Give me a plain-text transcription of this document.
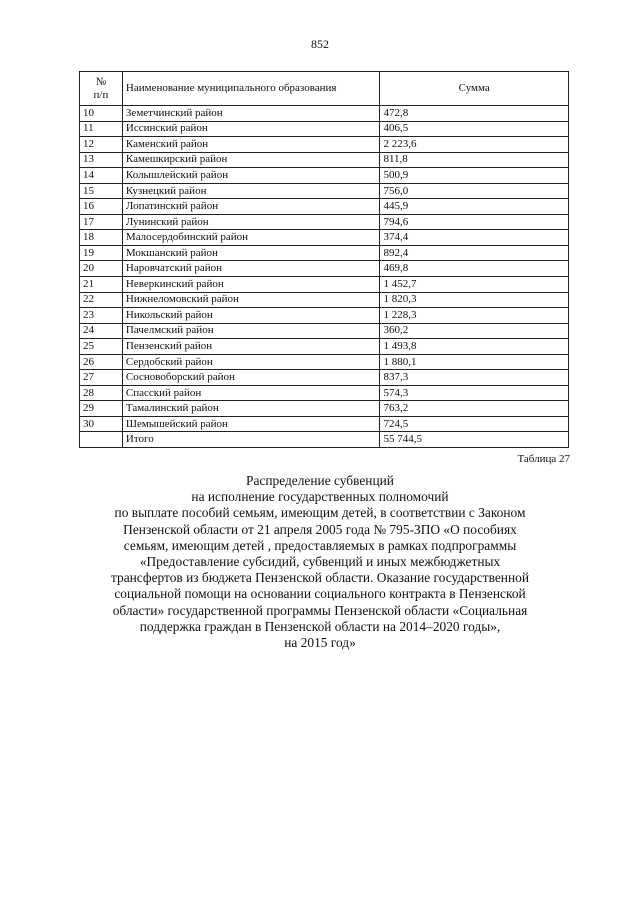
852
№
п/п	Наименование муниципального образования	Сумма
10	Земетчинский район	472,8
11	Иссинский район	406,5
12	Каменский район	2 223,6
13	Камешкирский район	811,8
14	Колышлейский район	500,9
15	Кузнецкий район	756,0
16	Лопатинский район	445,9
17	Лунинский район	794,6
18	Малосердобинский район	374,4
19	Мокшанский район	892,4
20	Наровчатский район	469,8
21	Неверкинский район	1 452,7
22	Нижнеломовский район	1 820,3
23	Никольский район	1 228,3
24	Пачелмский район	360,2
25	Пензенский район	1 493,8
26	Сердобский район	1 880,1
27	Сосновоборский район	837,3
28	Спасский район	574,3
29	Тамалинский район	763,2
30	Шемышейский район	724,5
	Итого	55 744,5
Таблица 27
Распределение субвенций
на исполнение государственных полномочий
по выплате пособий семьям, имеющим детей, в соответствии с Законом
Пензенской области от 21 апреля 2005 года № 795-ЗПО «О пособиях
семьям, имеющим детей , предоставляемых в рамках подпрограммы
«Предоставление субсидий, субвенций и иных межбюджетных
трансфертов из бюджета Пензенской области. Оказание государственной
социальной помощи на основании социального контракта в Пензенской
области» государственной программы Пензенской области «Социальная
поддержка граждан в Пензенской области на 2014–2020 годы»,
на 2015 год»
